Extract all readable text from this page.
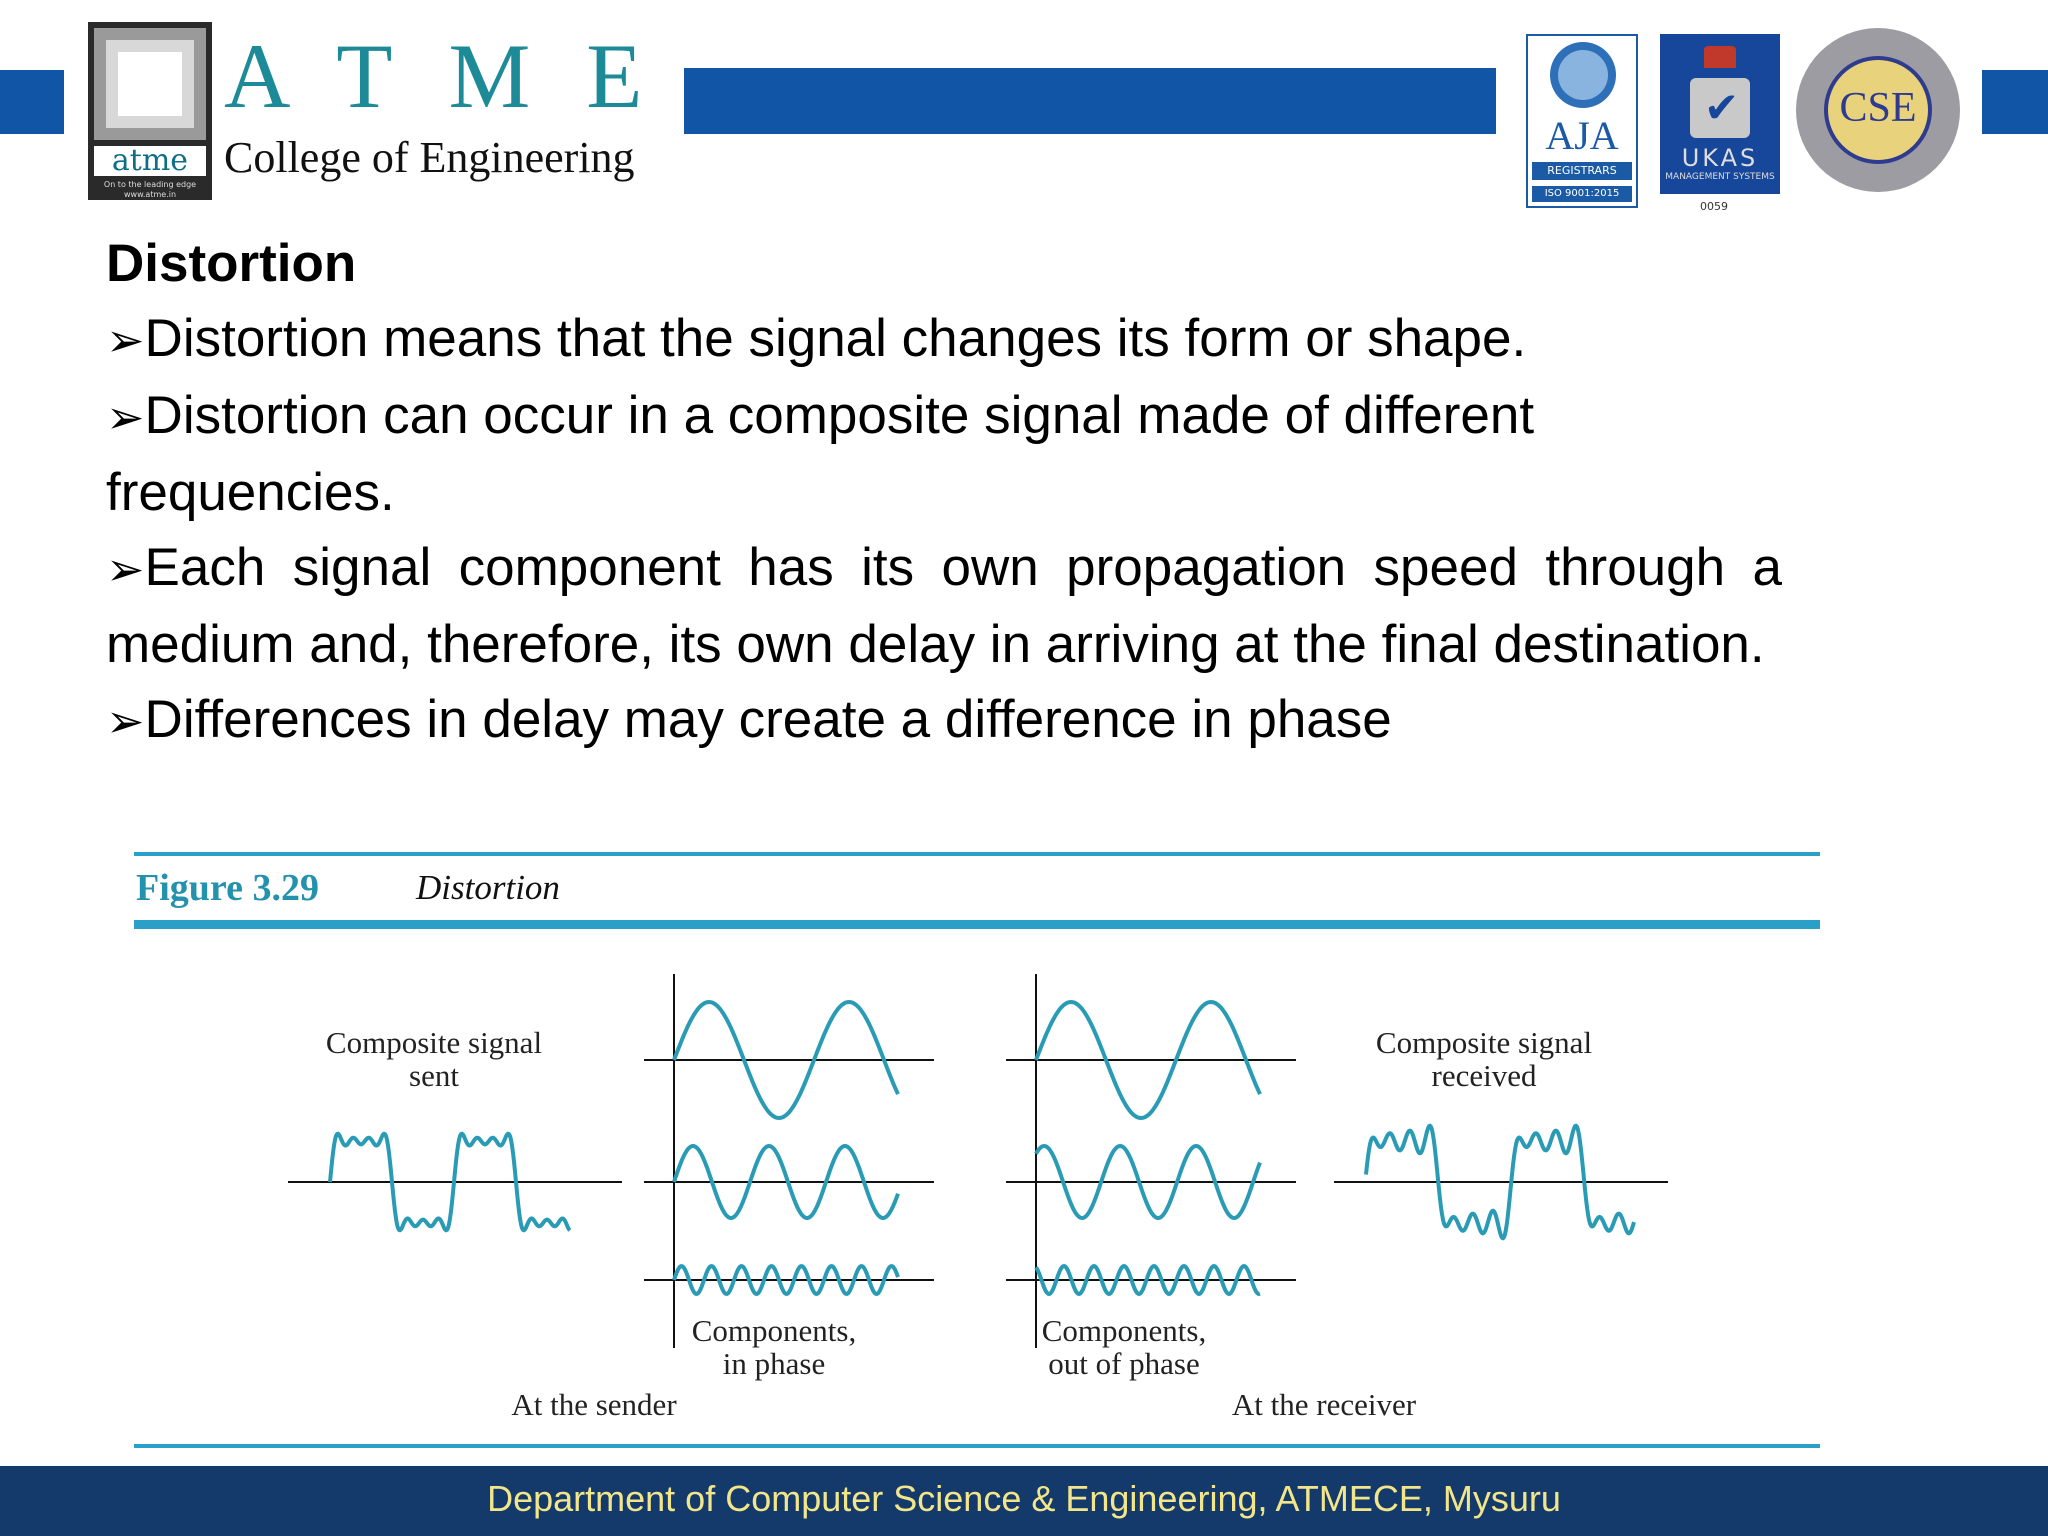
atme
On to the leading edge www.atme.in
ATME
College of Engineering	AJA
REGISTRARS
ISO 9001:2015
✔
UKAS
MANAGEMENT SYSTEMS
0059
CSE

Distortion

➢Distortion means that the signal changes its form or shape.

➢Distortion can occur in a composite signal made of different frequencies.

➢Each signal component has its own propagation speed through a medium and, therefore, its own delay in arriving at the final destination.

➢Differences in delay may create a difference in phase

Figure 3.29	Distortion
Composite signal
sent
Composite signal
received
Components,
in phase
Components,
out of phase
At the sender	At the receiver
Department of Computer Science & Engineering, ATMECE, Mysuru
